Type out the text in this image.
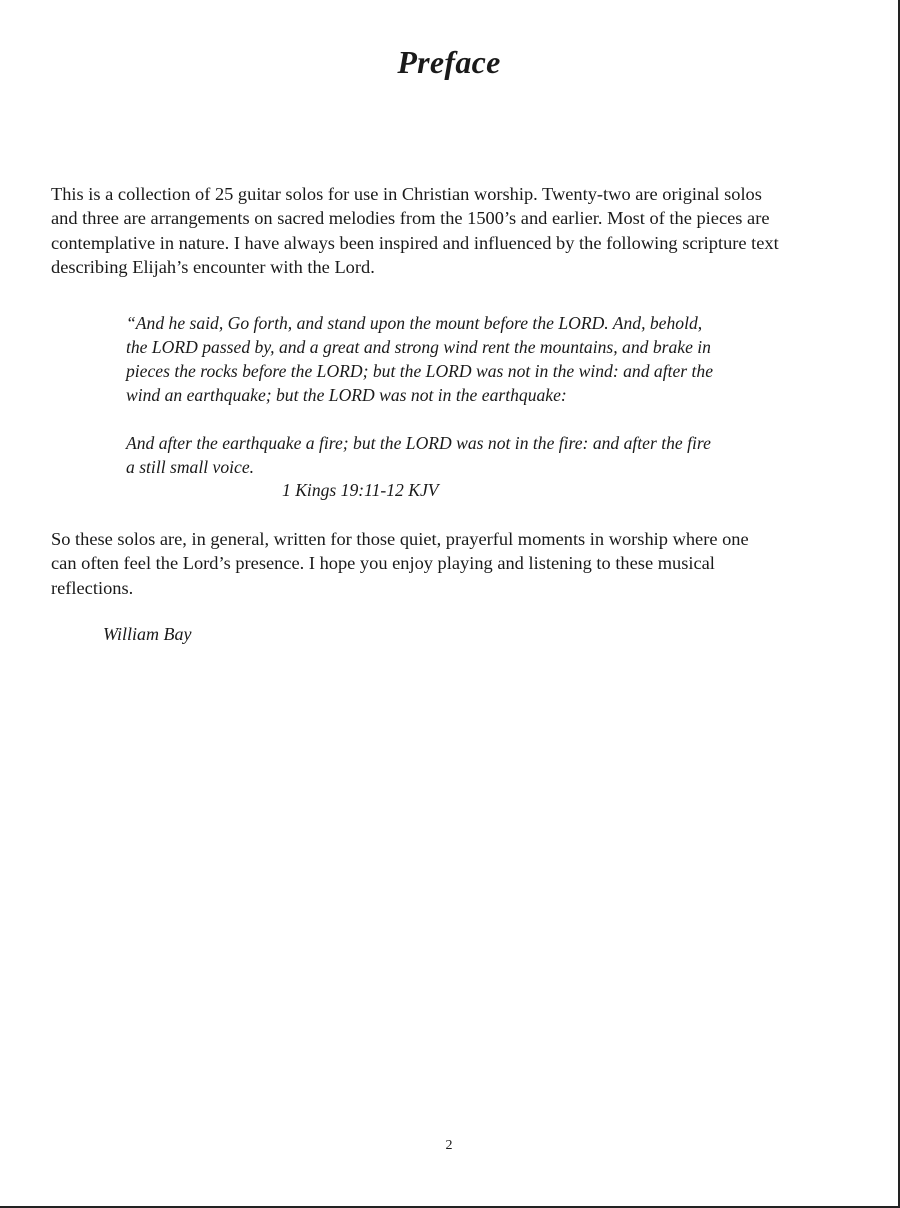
Preface
This is a collection of 25 guitar solos for use in Christian worship. Twenty-two are original solos
and three are arrangements on sacred melodies from the 1500’s and earlier. Most of the pieces are
contemplative in nature. I have always been inspired and influenced by the following scripture text
describing Elijah’s encounter with the Lord.
“And he said, Go forth, and stand upon the mount before the LORD. And, behold,
the LORD passed by, and a great and strong wind rent the mountains, and brake in
pieces the rocks before the LORD; but the LORD was not in the wind: and after the
wind an earthquake; but the LORD was not in the earthquake:
And after the earthquake a fire; but the LORD was not in the fire: and after the fire
a still small voice.
1 Kings 19:11-12 KJV
So these solos are, in general, written for those quiet, prayerful moments in worship where one
can often feel the Lord’s presence. I hope you enjoy playing and listening to these musical
reflections.
William Bay
2
